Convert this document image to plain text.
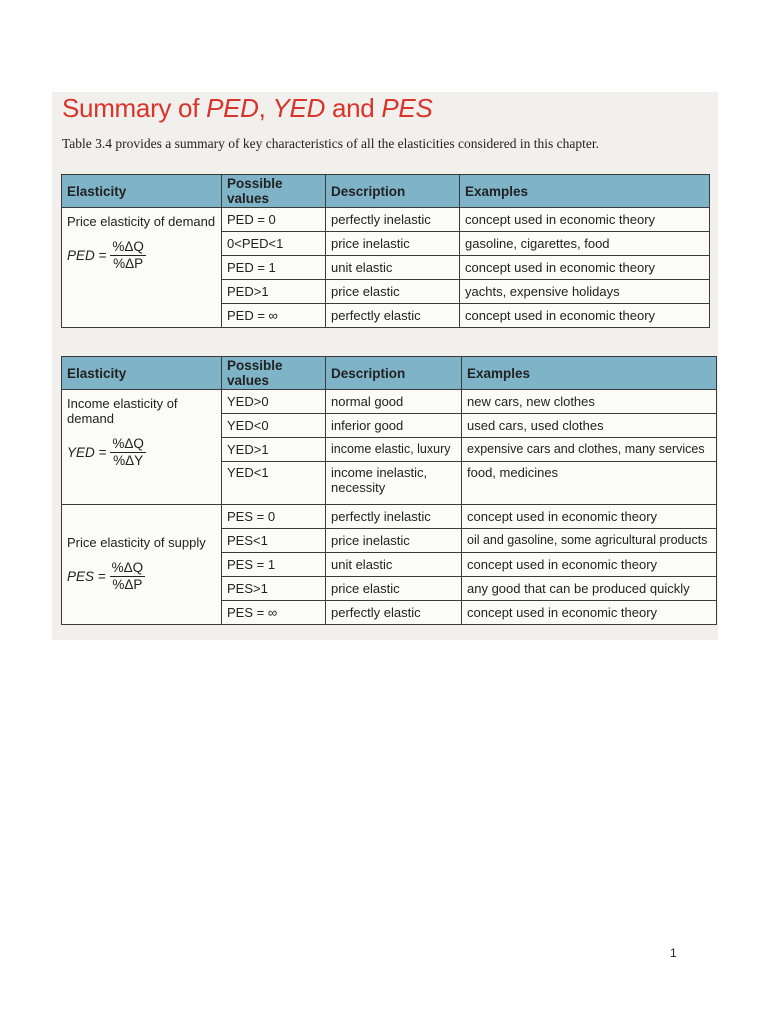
Summary of PED, YED and PES
Table 3.4 provides a summary of key characteristics of all the elasticities considered in this chapter.
Elasticity	Possible values	Description	Examples

Price elasticity of demand
PED = $\frac{\%\Delta Q}{\%\Delta P}$	PED = 0	perfectly inelastic	concept used in economic theory
	0<PED<1	price inelastic	gasoline, cigarettes, food
	PED = 1	unit elastic	concept used in economic theory
	PED>1	price elastic	yachts, expensive holidays
	PED = ∞	perfectly elastic	concept used in economic theory
Elasticity	Possible values	Description	Examples

Income elasticity of demand
YED = $\frac{\%\Delta Q}{\%\Delta Y}$	YED>0	normal good	new cars, new clothes
	YED<0	inferior good	used cars, used clothes
	YED>1	income elastic, luxury	expensive cars and clothes, many services
	YED<1	income inelastic, necessity	food, medicines

Price elasticity of supply
PES = $\frac{\%\Delta Q}{\%\Delta P}$	PES = 0	perfectly inelastic	concept used in economic theory
	PES<1	price inelastic	oil and gasoline, some agricultural products
	PES = 1	unit elastic	concept used in economic theory
	PES>1	price elastic	any good that can be produced quickly
	PES = ∞	perfectly elastic	concept used in economic theory
1
